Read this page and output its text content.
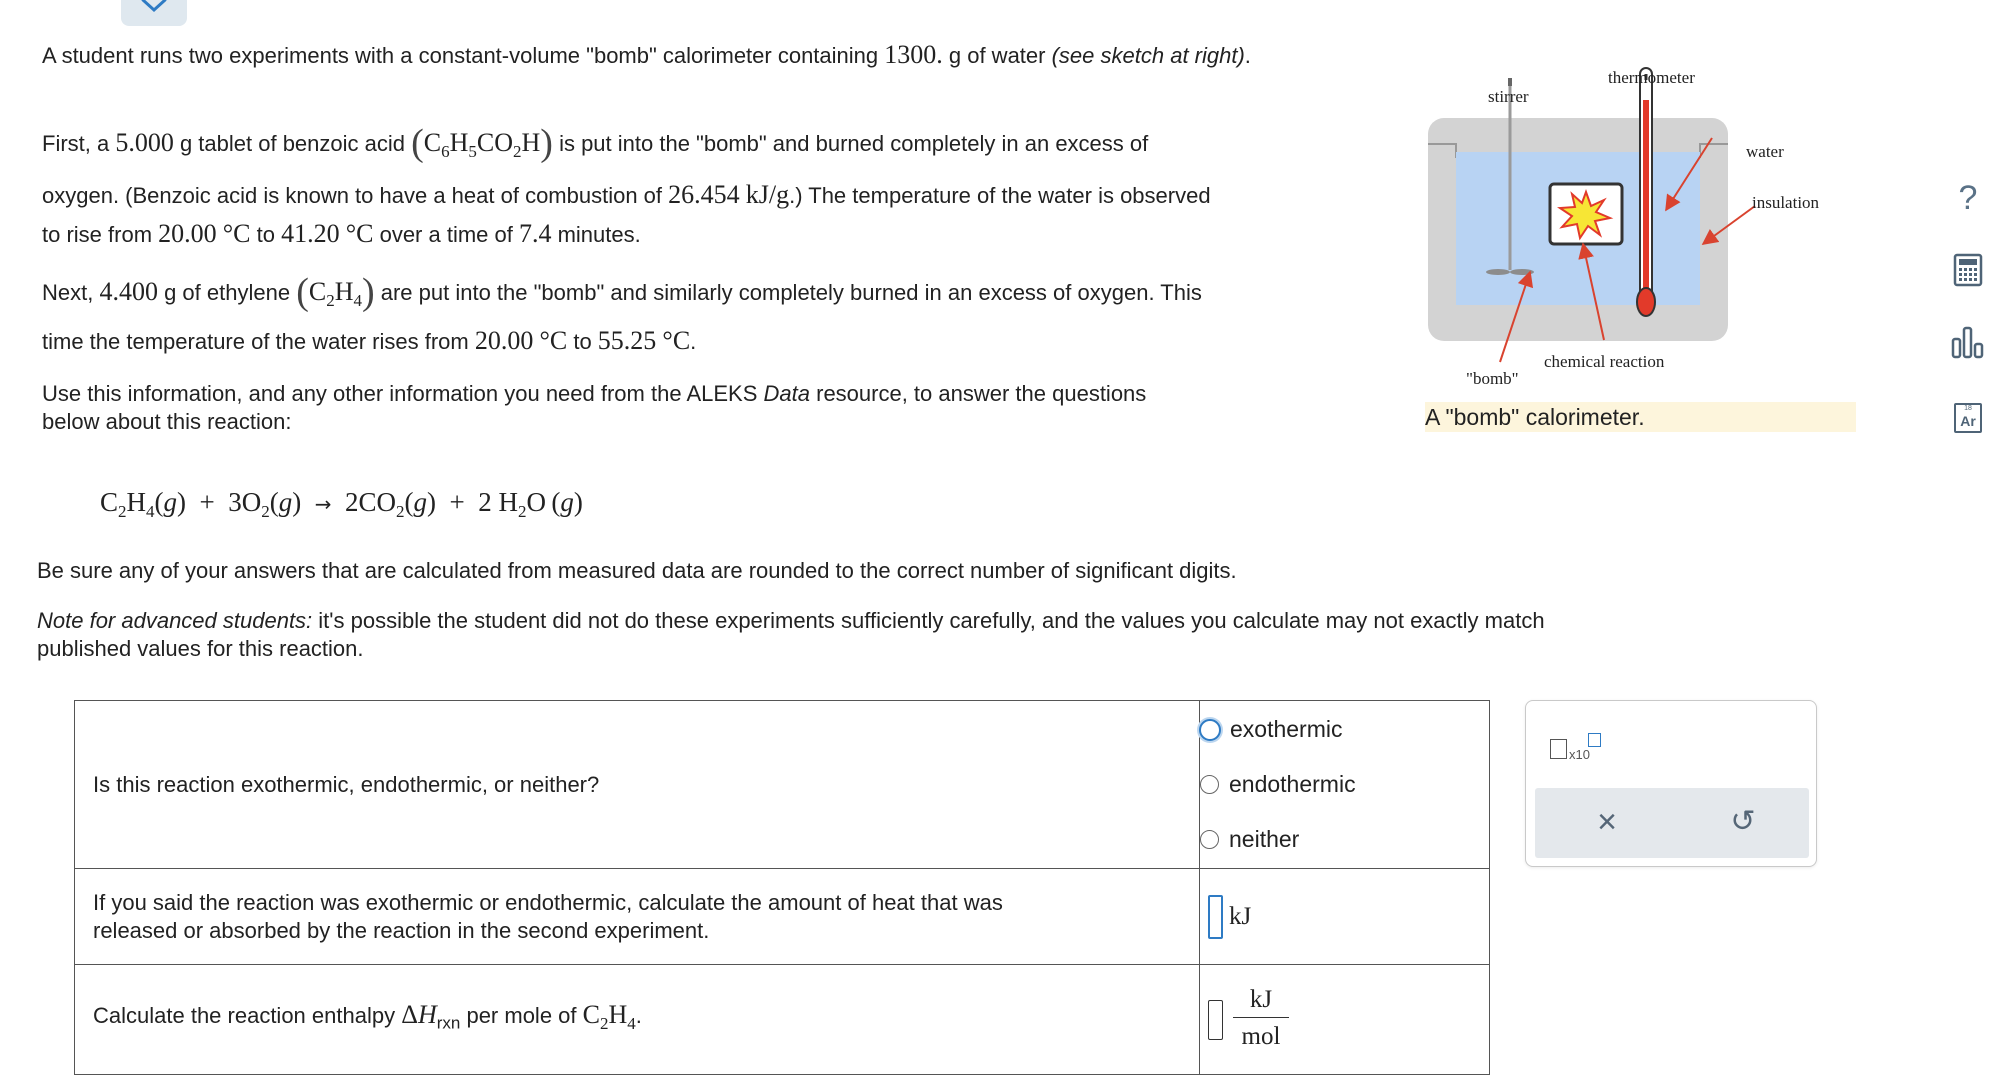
A student runs two experiments with a constant-volume "bomb" calorimeter containing 1300. g of water (see sketch at right).
First, a 5.000 g tablet of benzoic acid $(C_6H_5CO_2H)$ is put into the "bomb" and burned completely in an excess of
oxygen. (Benzoic acid is known to have a heat of combustion of 26.454 kJ/g.) The temperature of the water is observed
to rise from 20.00 °C to 41.20 °C over a time of 7.4 minutes.
Next, 4.400 g of ethylene $(C_2H_4)$ are put into the "bomb" and similarly completely burned in an excess of oxygen. This
time the temperature of the water rises from 20.00 °C to 55.25 °C.
Use this information, and any other information you need from the ALEKS Data resource, to answer the questions
below about this reaction:
stirrer
thermometer
water
insulation
chemical reaction
"bomb"
A "bomb" calorimeter.
$C_2H_4(g) + 3O_2(g) \to 2CO_2(g) + 2$ $H_2O$ (g)
Be sure any of your answers that are calculated from measured data are rounded to the correct number of significant digits.
Note for advanced students: it's possible the student did not do these experiments sufficiently carefully, and the values you calculate may not exactly match
published values for this reaction.
Is this reaction exothermic, endothermic, or neither?	exothermic
endothermic
neither

If you said the reaction was exothermic or endothermic, calculate the amount of heat that was
released or absorbed by the reaction in the second experiment.	kJ

Calculate the reaction enthalpy $\Delta H_{rxn}$ per mole of $C_2H_4$.	kJ
mol
x10
×	↺
?
18
Ar
